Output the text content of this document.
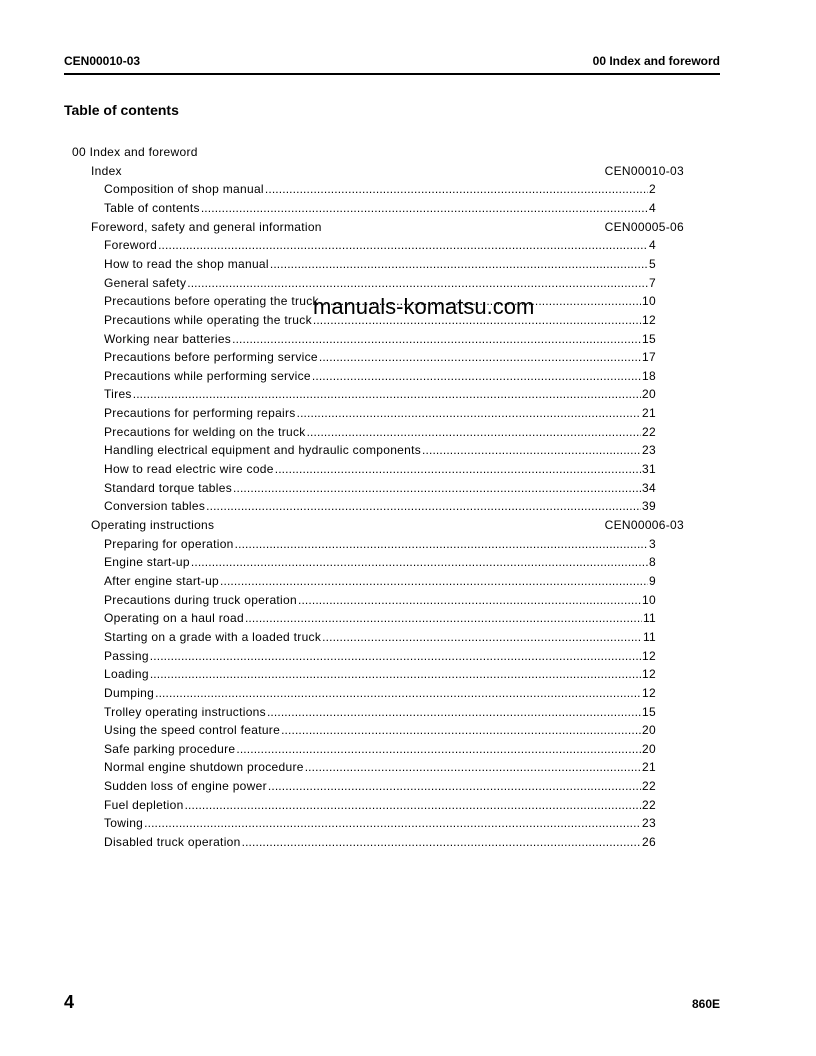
CEN00010-03	00 Index and foreword
Table of contents
00 Index and foreword
Index	CEN00010-03
Composition of shop manual . . .	2
Table of contents . . .	4
Foreword, safety and general information	CEN00005-06
Foreword . . .	4
How to read the shop manual . . .	5
General safety . . .	7
Precautions before operating the truck . . .	10
Precautions while operating the truck . . .	12
Working near batteries . . .	15
Precautions before performing service . . .	17
Precautions while performing service . . .	18
Tires . . .	20
Precautions for performing repairs . . .	21
Precautions for welding on the truck . . .	22
Handling electrical equipment and hydraulic components . . .	23
How to read electric wire code . . .	31
Standard torque tables . . .	34
Conversion tables . . .	39
Operating instructions	CEN00006-03
Preparing for operation . . .	3
Engine start-up . . .	8
After engine start-up . . .	9
Precautions during truck operation . . .	10
Operating on a haul road . . .	11
Starting on a grade with a loaded truck . . .	11
Passing . . .	12
Loading . . .	12
Dumping . . .	12
Trolley operating instructions . . .	15
Using the speed control feature . . .	20
Safe parking procedure . . .	20
Normal engine shutdown procedure . . .	21
Sudden loss of engine power . . .	22
Fuel depletion . . .	22
Towing . . .	23
Disabled truck operation . . .	26
manuals-komatsu.com
4	860E
